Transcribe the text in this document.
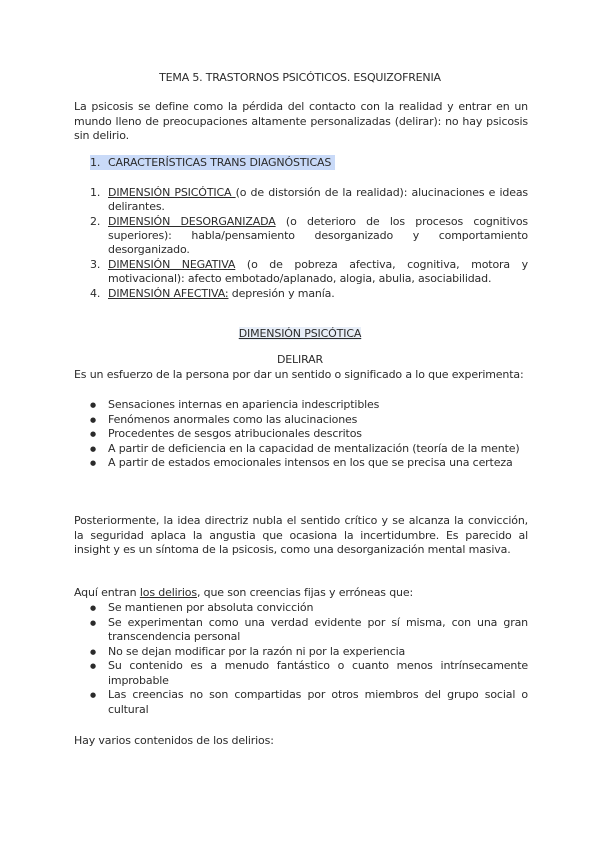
TEMA 5. TRASTORNOS PSICÓTICOS. ESQUIZOFRENIA
La psicosis se define como la pérdida del contacto con la realidad y entrar en un mundo lleno de preocupaciones altamente personalizadas (delirar): no hay psicosis sin delirio.
1. CARACTERÍSTICAS TRANS DIAGNÓSTICAS
1. DIMENSIÓN PSICÓTICA (o de distorsión de la realidad): alucinaciones e ideas delirantes.
2. DIMENSIÓN DESORGANIZADA (o deterioro de los procesos cognitivos superiores): habla/pensamiento desorganizado y comportamiento desorganizado.
3. DIMENSIÓN NEGATIVA (o de pobreza afectiva, cognitiva, motora y motivacional): afecto embotado/aplanado, alogia, abulia, asociabilidad.
4. DIMENSIÓN AFECTIVA: depresión y manía.
DIMENSIÓN PSICÓTICA
DELIRAR
Es un esfuerzo de la persona por dar un sentido o significado a lo que experimenta:
● Sensaciones internas en apariencia indescriptibles
● Fenómenos anormales como las alucinaciones
● Procedentes de sesgos atribucionales descritos
● A partir de deficiencia en la capacidad de mentalización (teoría de la mente)
● A partir de estados emocionales intensos en los que se precisa una certeza
Posteriormente, la idea directriz nubla el sentido crítico y se alcanza la convicción, la seguridad aplaca la angustia que ocasiona la incertidumbre. Es parecido al insight y es un síntoma de la psicosis, como una desorganización mental masiva.
Aquí entran los delirios, que son creencias fijas y erróneas que:
● Se mantienen por absoluta convicción
● Se experimentan como una verdad evidente por sí misma, con una gran transcendencia personal
● No se dejan modificar por la razón ni por la experiencia
● Su contenido es a menudo fantástico o cuanto menos intrínsecamente improbable
● Las creencias no son compartidas por otros miembros del grupo social o cultural
Hay varios contenidos de los delirios:
